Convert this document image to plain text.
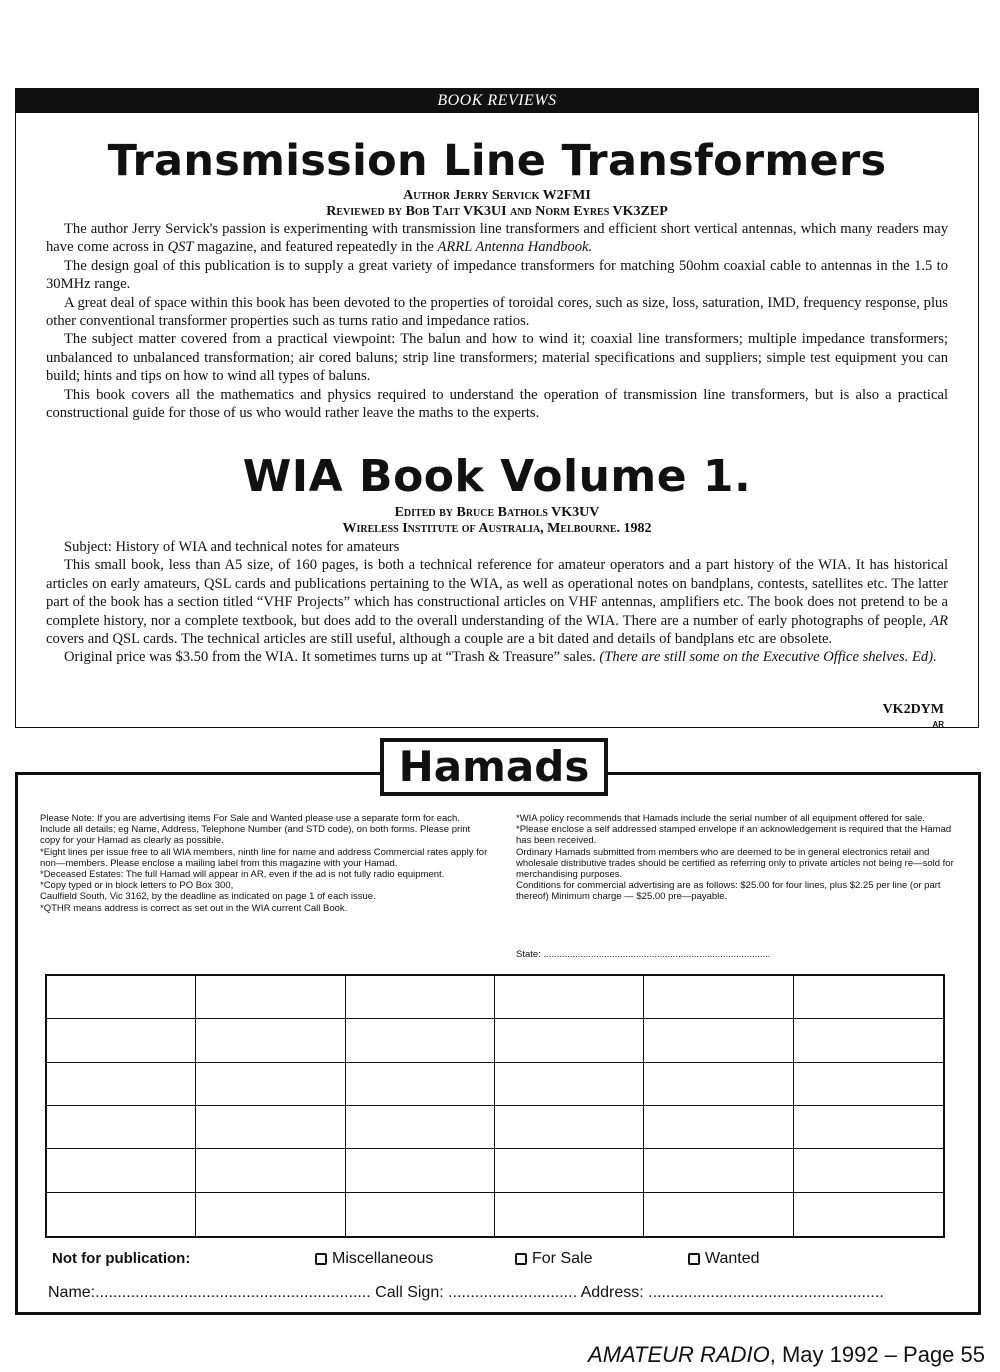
BOOK REVIEWS
Transmission Line Transformers
Author Jerry Servick W2FMI
Reviewed by Bob Tait VK3UI and Norm Eyres VK3ZEP

The author Jerry Servick's passion is experimenting with transmission line transformers and efficient short vertical antennas, which many readers may have come across in QST magazine, and featured repeatedly in the ARRL Antenna Handbook.

The design goal of this publication is to supply a great variety of impedance transformers for matching 50ohm coaxial cable to antennas in the 1.5 to 30MHz range.

A great deal of space within this book has been devoted to the properties of toroidal cores, such as size, loss, saturation, IMD, frequency response, plus other conventional transformer properties such as turns ratio and impedance ratios.

The subject matter covered from a practical viewpoint: The balun and how to wind it; coaxial line transformers; multiple impedance transformers; unbalanced to unbalanced transformation; air cored baluns; strip line transformers; material specifications and suppliers; simple test equipment you can build; hints and tips on how to wind all types of baluns.

This book covers all the mathematics and physics required to understand the operation of transmission line transformers, but is also a practical constructional guide for those of us who would rather leave the maths to the experts.

WIA Book Volume 1.
Edited by Bruce Bathols VK3UV
Wireless Institute of Australia, Melbourne. 1982

Subject: History of WIA and technical notes for amateurs

This small book, less than A5 size, of 160 pages, is both a technical reference for amateur operators and a part history of the WIA. It has historical articles on early amateurs, QSL cards and publications pertaining to the WIA, as well as operational notes on bandplans, contests, satellites etc. The latter part of the book has a section titled “VHF Projects” which has constructional articles on VHF antennas, amplifiers etc. The book does not pretend to be a complete history, nor a complete textbook, but does add to the overall understanding of the WIA. There are a number of early photographs of people, AR covers and QSL cards. The technical articles are still useful, although a couple are a bit dated and details of bandplans etc are obsolete.

Original price was $3.50 from the WIA. It sometimes turns up at “Trash & Treasure” sales. (There are still some on the Executive Office shelves. Ed).

VK2DYM
AR

Please Note: If you are advertising items For Sale and Wanted please use a separate form for each. Include all details; eg Name, Address, Telephone Number (and STD code), on both forms. Please print copy for your Hamad as clearly as possible.

*Eight lines per issue free to all WIA members, ninth line for name and address Commercial rates apply for non—members. Please enclose a mailing label from this magazine with your Hamad.

*Deceased Estates: The full Hamad will appear in AR, even if the ad is not fully radio equipment.

*Copy typed or in block letters to PO Box 300,

Caulfield South, Vic 3162, by the deadline as indicated on page 1 of each issue.

*QTHR means address is correct as set out in the WIA current Call Book.

*WIA policy recommends that Hamads include the serial number of all equipment offered for sale.

*Please enclose a self addressed stamped envelope if an acknowledgement is required that the Hamad has been received.

Ordinary Hamads submitted from members who are deemed to be in general electronics retail and wholesale distributive trades should be certified as referring only to private articles not being re—sold for merchandising purposes.

Conditions for commercial advertising are as follows: $25.00 for four lines, plus $2.25 per line (or part thereof) Minimum charge — $25.00 pre—payable.

State: ......................................................................................
Not for publication:	Miscellaneous	For Sale	Wanted
Name:.............................................................. Call Sign: ............................. Address: .....................................................
Hamads
AMATEUR RADIO, May 1992 – Page 55
